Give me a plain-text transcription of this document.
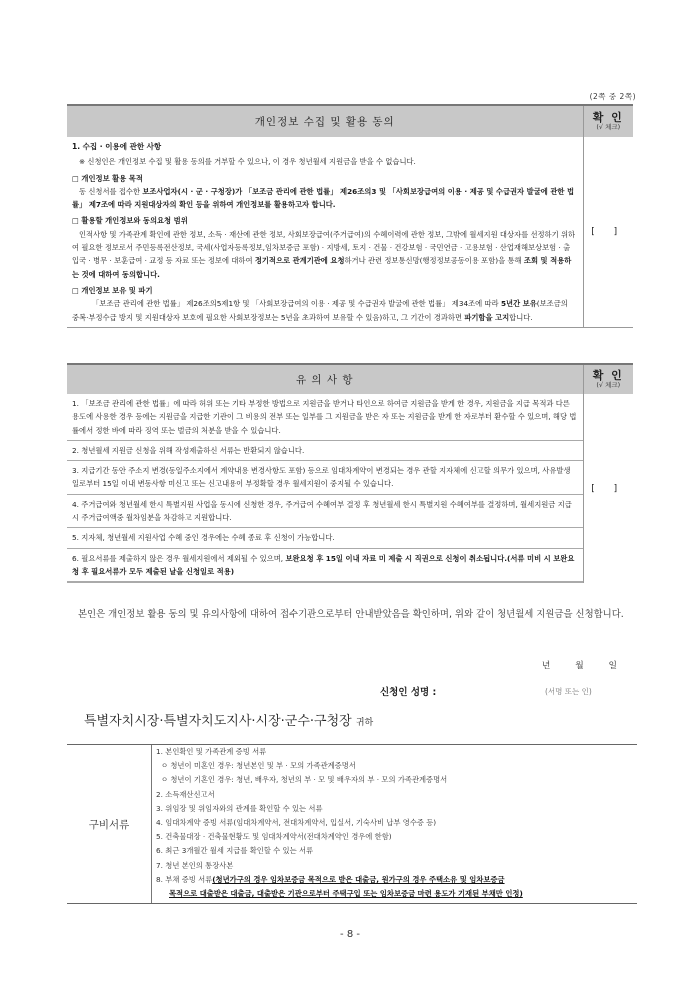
(2쪽 중 2쪽)
개인정보 수집 및 활용 동의	확 인
(√ 체크)

1. 수집 · 이용에 관한 사항
※ 신청인은 개인정보 수집 및 활용 동의를 거부할 수 있으나, 이 경우 청년월세 지원금을 받을 수 없습니다.
□ 개인정보 활용 목적
동 신청서를 접수한 보조사업자(시 · 군 · 구청장)가 「보조금 관리에 관한 법률」 제26조의3 및 「사회보장급여의 이용 · 제공 및 수급권자 발굴에 관한 법률」 제7조에 따라 지원대상자의 확인 등을 위하여 개인정보를 활용하고자 합니다.
□ 활용할 개인정보와 동의요청 범위
인적사항 및 가족관계 확인에 관한 정보, 소득 · 재산에 관한 정보, 사회보장급여(주거급여)의 수혜이력에 관한 정보, 그밖에 월세지원 대상자를 선정하기 위하여 필요한 정보로서 주민등록전산정보, 국세(사업자등록정보,임차보증금 포함) · 지방세, 토지 · 건물 · 건강보험 · 국민연금 · 고용보험 · 산업재해보상보험 · 출입국 · 병무 · 보훈급여 · 교정 등 자료 또는 정보에 대하여 정기적으로 관계기관에 요청하거나 관련 정보통신망(행정정보공동이용 포함)을 통해 조회 및 적용하는 것에 대하여 동의합니다.
□ 개인정보 보유 및 파기
「보조금 관리에 관한 법률」 제26조의5제1항 및 「사회보장급여의 이용 · 제공 및 수급권자 발굴에 관한 법률」 제34조에 따라 5년간 보유(보조금의 중복·부정수급 방지 및 지원대상자 보호에 필요한 사회보장정보는 5년을 초과하여 보유할 수 있음)하고, 그 기간이 경과하면 파기함을 고지합니다.
	[ ]
유 의 사 항	확 인
(√ 체크)

1. 「보조금 관리에 관한 법률」에 따라 허위 또는 기타 부정한 방법으로 지원금을 받거나 타인으로 하여금 지원금을 받게 한 경우, 지원금을 지급 목적과 다른 용도에 사용한 경우 등에는 지원금을 지급한 기관이 그 비용의 전부 또는 일부를 그 지원금을 받은 자 또는 지원금을 받게 한 자로부터 환수할 수 있으며, 해당 법률에서 정한 바에 따라 징역 또는 벌금의 처분을 받을 수 있습니다.
2. 청년월세 지원금 신청을 위해 작성제출하신 서류는 반환되지 않습니다.
3. 지급기간 동안 주소지 변경(동일주소지에서 계약내용 변경사항도 포함) 등으로 임대차계약이 변경되는 경우 관할 지자체에 신고할 의무가 있으며, 사유발생일로부터 15일 이내 변동사항 미신고 또는 신고내용이 부정확할 경우 월세지원이 중지될 수 있습니다.
4. 주거급여와 청년월세 한시 특별지원 사업을 동시에 신청한 경우, 주거급여 수혜여부 결정 후 청년월세 한시 특별지원 수혜여부를 결정하며, 월세지원금 지급시 주거급여액중 월차임분을 차감하고 지원합니다.
5. 지자체, 청년월세 지원사업 수혜 중인 경우에는 수혜 종료 후 신청이 가능합니다.
6. 필요서류를 제출하지 않은 경우 월세지원에서 제외될 수 있으며, 보완요청 후 15일 이내 자료 미 제출 시 직권으로 신청이 취소됩니다.(서류 미비 시 보완요청 후 필요서류가 모두 제출된 날을 신청일로 적용)
	[ ]

본인은 개인정보 활용 동의 및 유의사항에 대하여 접수기관으로부터 안내받았음을 확인하며, 위와 같이 청년월세 지원금을 신청합니다.

년 월 일
신청인 성명 :	(서명 또는 인)
특별자치시장·특별자치도지사·시장·군수·구청장 귀하
구비서류
1. 본인확인 및 가족관계 증빙 서류
ㅇ 청년이 미혼인 경우: 청년본인 및 부 · 모의 가족관계증명서
ㅇ 청년이 기혼인 경우: 청년, 배우자, 청년의 부 · 모 및 배우자의 부 · 모의 가족관계증명서
2. 소득재산신고서
3. 위임장 및 위임자와의 관계를 확인할 수 있는 서류
4. 임대차계약 증빙 서류(임대차계약서, 전대차계약서, 입실서, 기숙사비 납부 영수증 등)
5. 건축물대장 · 건축물현황도 및 임대차계약서(전대차계약인 경우에 한함)
6. 최근 3개월간 월세 지급를 확인할 수 있는 서류
7. 청년 본인의 통장사본
8. 부채 증빙 서류(청년가구의 경우 임차보증금 목적으로 받은 대출금, 원가구의 경우 주택소유 및 임차보증금
목적으로 대출받은 대출금, 대출받은 기관으로부터 주택구입 또는 임차보증금 마련 용도가 기재된 부채만 인정)
- 8 -
